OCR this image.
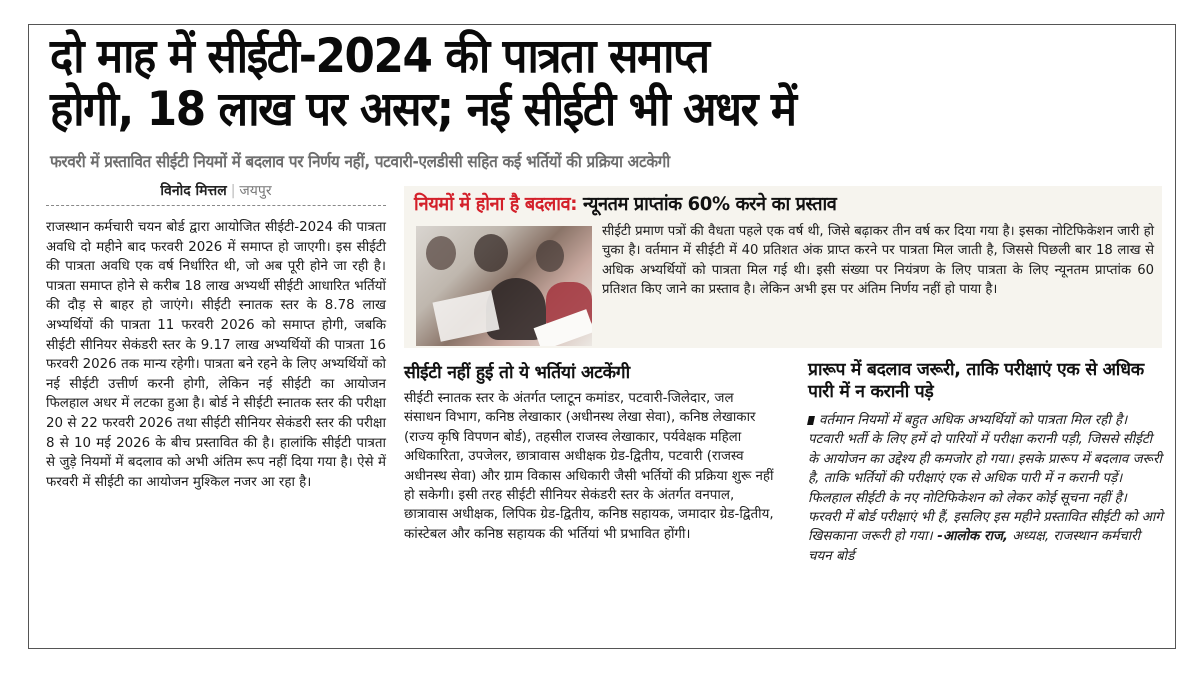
दो माह में सीईटी-2024 की पात्रता समाप्त
होगी, 18 लाख पर असर; नई सीईटी भी अधर में
फरवरी में प्रस्तावित सीईटी नियमों में बदलाव पर निर्णय नहीं, पटवारी-एलडीसी सहित कई भर्तियों की प्रक्रिया अटकेगी
विनोद मित्तल | जयपुर
राजस्थान कर्मचारी चयन बोर्ड द्वारा आयोजित सीईटी-2024 की पात्रता अवधि दो महीने बाद फरवरी 2026 में समाप्त हो जाएगी। इस सीईटी की पात्रता अवधि एक वर्ष निर्धारित थी, जो अब पूरी होने जा रही है। पात्रता समाप्त होने से करीब 18 लाख अभ्यर्थी सीईटी आधारित भर्तियों की दौड़ से बाहर हो जाएंगे। सीईटी स्नातक स्तर के 8.78 लाख अभ्यर्थियों की पात्रता 11 फरवरी 2026 को समाप्त होगी, जबकि सीईटी सीनियर सेकंडरी स्तर के 9.17 लाख अभ्यर्थियों की पात्रता 16 फरवरी 2026 तक मान्य रहेगी। पात्रता बने रहने के लिए अभ्यर्थियों को नई सीईटी उत्तीर्ण करनी होगी, लेकिन नई सीईटी का आयोजन फिलहाल अधर में लटका हुआ है। बोर्ड ने सीईटी स्नातक स्तर की परीक्षा 20 से 22 फरवरी 2026 तथा सीईटी सीनियर सेकंडरी स्तर की परीक्षा 8 से 10 मई 2026 के बीच प्रस्तावित की है। हालांकि सीईटी पात्रता से जुड़े नियमों में बदलाव को अभी अंतिम रूप नहीं दिया गया है। ऐसे में फरवरी में सीईटी का आयोजन मुश्किल नजर आ रहा है।
नियमों में होना है बदलाव: न्यूनतम प्राप्तांक 60% करने का प्रस्ताव
सीईटी प्रमाण पत्रों की वैधता पहले एक वर्ष थी, जिसे बढ़ाकर तीन वर्ष कर दिया गया है। इसका नोटिफिकेशन जारी हो चुका है। वर्तमान में सीईटी में 40 प्रतिशत अंक प्राप्त करने पर पात्रता मिल जाती है, जिससे पिछली बार 18 लाख से अधिक अभ्यर्थियों को पात्रता मिल गई थी। इसी संख्या पर नियंत्रण के लिए पात्रता के लिए न्यूनतम प्राप्तांक 60 प्रतिशत किए जाने का प्रस्ताव है। लेकिन अभी इस पर अंतिम निर्णय नहीं हो पाया है।
सीईटी नहीं हुई तो ये भर्तियां अटकेंगी
सीईटी स्नातक स्तर के अंतर्गत प्लाटून कमांडर, पटवारी-जिलेदार, जल संसाधन विभाग, कनिष्ठ लेखाकार (अधीनस्थ लेखा सेवा), कनिष्ठ लेखाकार (राज्य कृषि विपणन बोर्ड), तहसील राजस्व लेखाकार, पर्यवेक्षक महिला अधिकारिता, उपजेलर, छात्रावास अधीक्षक ग्रेड-द्वितीय, पटवारी (राजस्व अधीनस्थ सेवा) और ग्राम विकास अधिकारी जैसी भर्तियों की प्रक्रिया शुरू नहीं हो सकेगी। इसी तरह सीईटी सीनियर सेकंडरी स्तर के अंतर्गत वनपाल, छात्रावास अधीक्षक, लिपिक ग्रेड-द्वितीय, कनिष्ठ सहायक, जमादार ग्रेड-द्वितीय, कांस्टेबल और कनिष्ठ सहायक की भर्तियां भी प्रभावित होंगी।
प्रारूप में बदलाव जरूरी, ताकि परीक्षाएं एक से अधिक पारी में न करानी पड़े
वर्तमान नियमों में बहुत अधिक अभ्यर्थियों को पात्रता मिल रही है। पटवारी भर्ती के लिए हमें दो पारियों में परीक्षा करानी पड़ी, जिससे सीईटी के आयोजन का उद्देश्य ही कमजोर हो गया। इसके प्रारूप में बदलाव जरूरी है, ताकि भर्तियों की परीक्षाएं एक से अधिक पारी में न करानी पड़ें। फिलहाल सीईटी के नए नोटिफिकेशन को लेकर कोई सूचना नहीं है। फरवरी में बोर्ड परीक्षाएं भी हैं, इसलिए इस महीने प्रस्तावित सीईटी को आगे खिसकाना जरूरी हो गया। -आलोक राज, अध्यक्ष, राजस्थान कर्मचारी चयन बोर्ड
